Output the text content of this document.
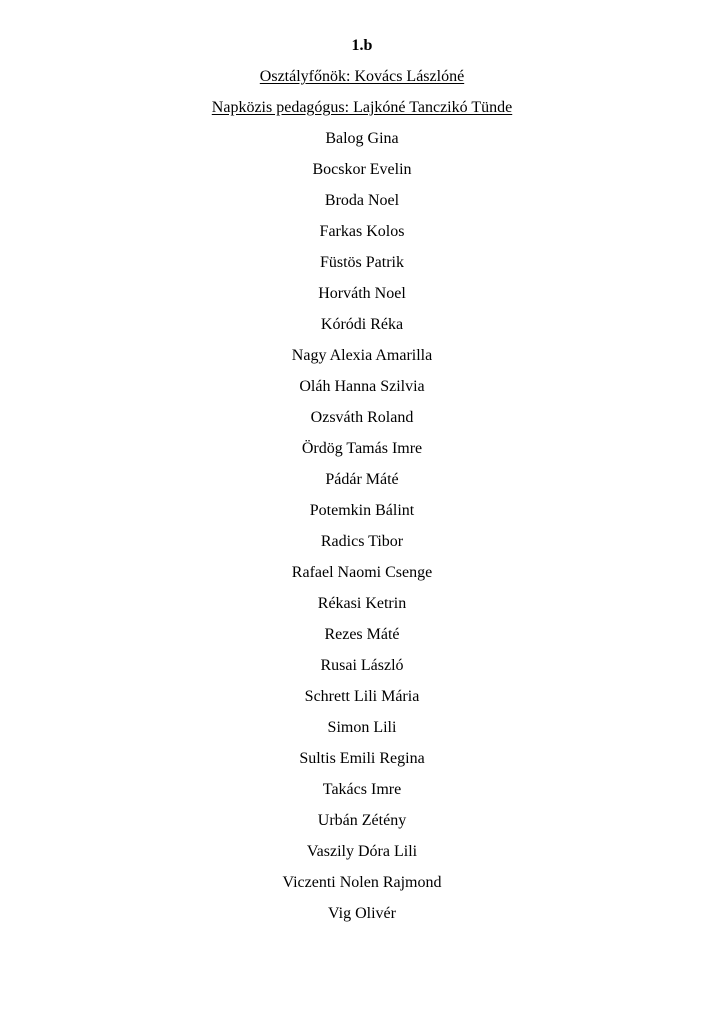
1.b
Osztályfőnök: Kovács Lászlóné
Napközis pedagógus: Lajkóné Tanczikó Tünde
Balog Gina
Bocskor Evelin
Broda Noel
Farkas Kolos
Füstös Patrik
Horváth Noel
Kóródi Réka
Nagy Alexia Amarilla
Oláh Hanna Szilvia
Ozsváth Roland
Ördög Tamás Imre
Pádár Máté
Potemkin Bálint
Radics Tibor
Rafael Naomi Csenge
Rékasi Ketrin
Rezes Máté
Rusai László
Schrett Lili Mária
Simon Lili
Sultis Emili Regina
Takács Imre
Urbán Zétény
Vaszily Dóra Lili
Viczenti Nolen Rajmond
Vig Olivér
